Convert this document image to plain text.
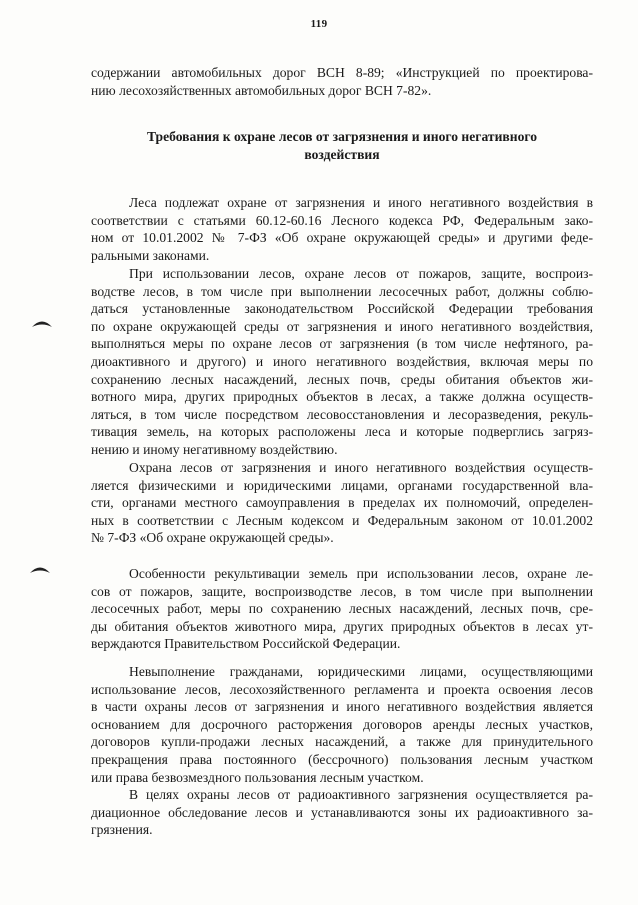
119
содержании автомобильных дорог ВСН 8-89; «Инструкцией по проектирова-
нию лесохозяйственных автомобильных дорог ВСН 7-82».
Требования к охране лесов от загрязнения и иного негативного
воздействия
Леса подлежат охране от загрязнения и иного негативного воздействия в
соответствии с статьями 60.12-60.16 Лесного кодекса РФ, Федеральным зако-
ном от 10.01.2002 № 7-ФЗ «Об охране окружающей среды» и другими феде-
ральными законами.
При использовании лесов, охране лесов от пожаров, защите, воспроиз-
водстве лесов, в том числе при выполнении лесосечных работ, должны соблю-
даться установленные законодательством Российской Федерации требования
по охране окружающей среды от загрязнения и иного негативного воздействия,
выполняться меры по охране лесов от загрязнения (в том числе нефтяного, ра-
диоактивного и другого) и иного негативного воздействия, включая меры по
сохранению лесных насаждений, лесных почв, среды обитания объектов жи-
вотного мира, других природных объектов в лесах, а также должна осуществ-
ляться, в том числе посредством лесовосстановления и лесоразведения, рекуль-
тивация земель, на которых расположены леса и которые подверглись загряз-
нению и иному негативному воздействию.
Охрана лесов от загрязнения и иного негативного воздействия осуществ-
ляется физическими и юридическими лицами, органами государственной вла-
сти, органами местного самоуправления в пределах их полномочий, определен-
ных в соответствии с Лесным кодексом и Федеральным законом от 10.01.2002
№ 7-ФЗ «Об охране окружающей среды».
Особенности рекультивации земель при использовании лесов, охране ле-
сов от пожаров, защите, воспроизводстве лесов, в том числе при выполнении
лесосечных работ, меры по сохранению лесных насаждений, лесных почв, сре-
ды обитания объектов животного мира, других природных объектов в лесах ут-
верждаются Правительством Российской Федерации.
Невыполнение гражданами, юридическими лицами, осуществляющими
использование лесов, лесохозяйственного регламента и проекта освоения лесов
в части охраны лесов от загрязнения и иного негативного воздействия является
основанием для досрочного расторжения договоров аренды лесных участков,
договоров купли-продажи лесных насаждений, а также для принудительного
прекращения права постоянного (бессрочного) пользования лесным участком
или права безвозмездного пользования лесным участком.
В целях охраны лесов от радиоактивного загрязнения осуществляется ра-
диационное обследование лесов и устанавливаются зоны их радиоактивного за-
грязнения.
